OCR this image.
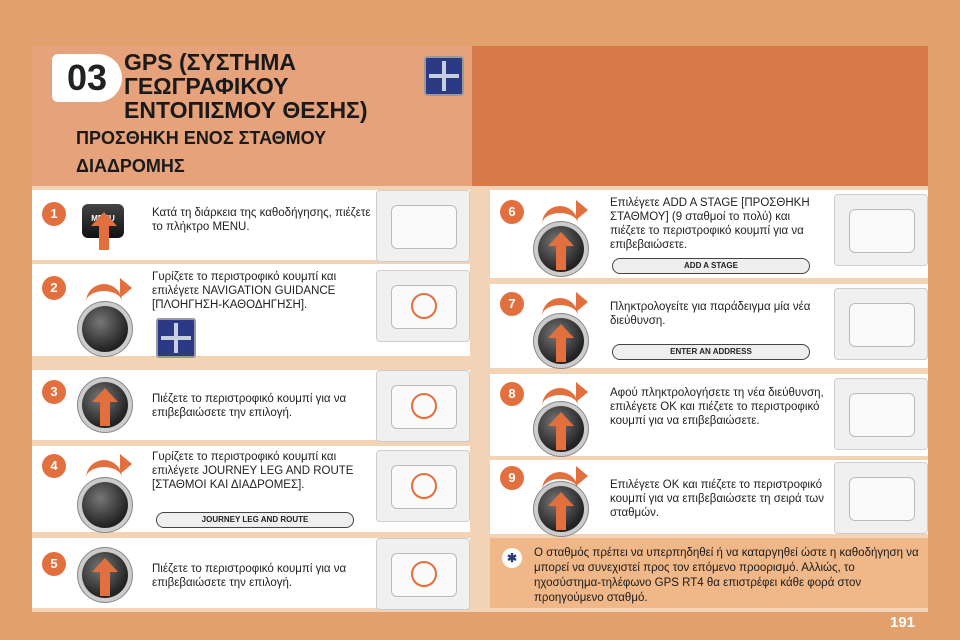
03 GPS (ΣΥΣΤΗΜΑ ΓΕΩΓΡΑΦΙΚΟΥ ΕΝΤΟΠΙΣΜΟΥ ΘΕΣΗΣ)
ΠΡΟΣΘΗΚΗ ΕΝΟΣ ΣΤΑΘΜΟΥ ΔΙΑΔΡΟΜΗΣ
1	Κατά τη διάρκεια της καθοδήγησης, πιέζετε το πλήκτρο MENU.
2
Γυρίζετε το περιστροφικό κουμπί και επιλέγετε NAVIGATION GUIDANCE [ΠΛΟΗΓΗΣΗ-ΚΑΘΟΔΗΓΗΣΗ].
3	Πιέζετε το περιστροφικό κουμπί για να επιβεβαιώσετε την επιλογή.
4
Γυρίζετε το περιστροφικό κουμπί και επιλέγετε JOURNEY LEG AND ROUTE [ΣΤΑΘΜΟΙ ΚΑΙ ΔΙΑΔΡΟΜΕΣ].
JOURNEY LEG AND ROUTE
5	Πιέζετε το περιστροφικό κουμπί για να επιβεβαιώσετε την επιλογή.
6
Επιλέγετε ADD A STAGE [ΠΡΟΣΘΗΚΗ ΣΤΑΘΜΟΥ] (9 σταθμοί το πολύ) και πιέζετε το περιστροφικό κουμπί για να επιβεβαιώσετε.
ADD A STAGE
7	Πληκτρολογείτε για παράδειγμα μία νέα διεύθυνση.
ENTER AN ADDRESS
8	Αφού πληκτρολογήσετε τη νέα διεύθυνση, επιλέγετε OK και πιέζετε το περιστροφικό κουμπί για να επιβεβαιώσετε.
9	Επιλέγετε OK και πιέζετε το περιστροφικό κουμπί για να επιβεβαιώσετε τη σειρά των σταθμών.
✱	Ο σταθμός πρέπει να υπερπηδηθεί ή να καταργηθεί ώστε η καθοδήγηση να μπορεί να συνεχιστεί προς τον επόμενο προορισμό. Αλλιώς, το ηχοσύστημα-τηλέφωνο GPS RT4 θα επιστρέφει κάθε φορά στον προηγούμενο σταθμό.
191
